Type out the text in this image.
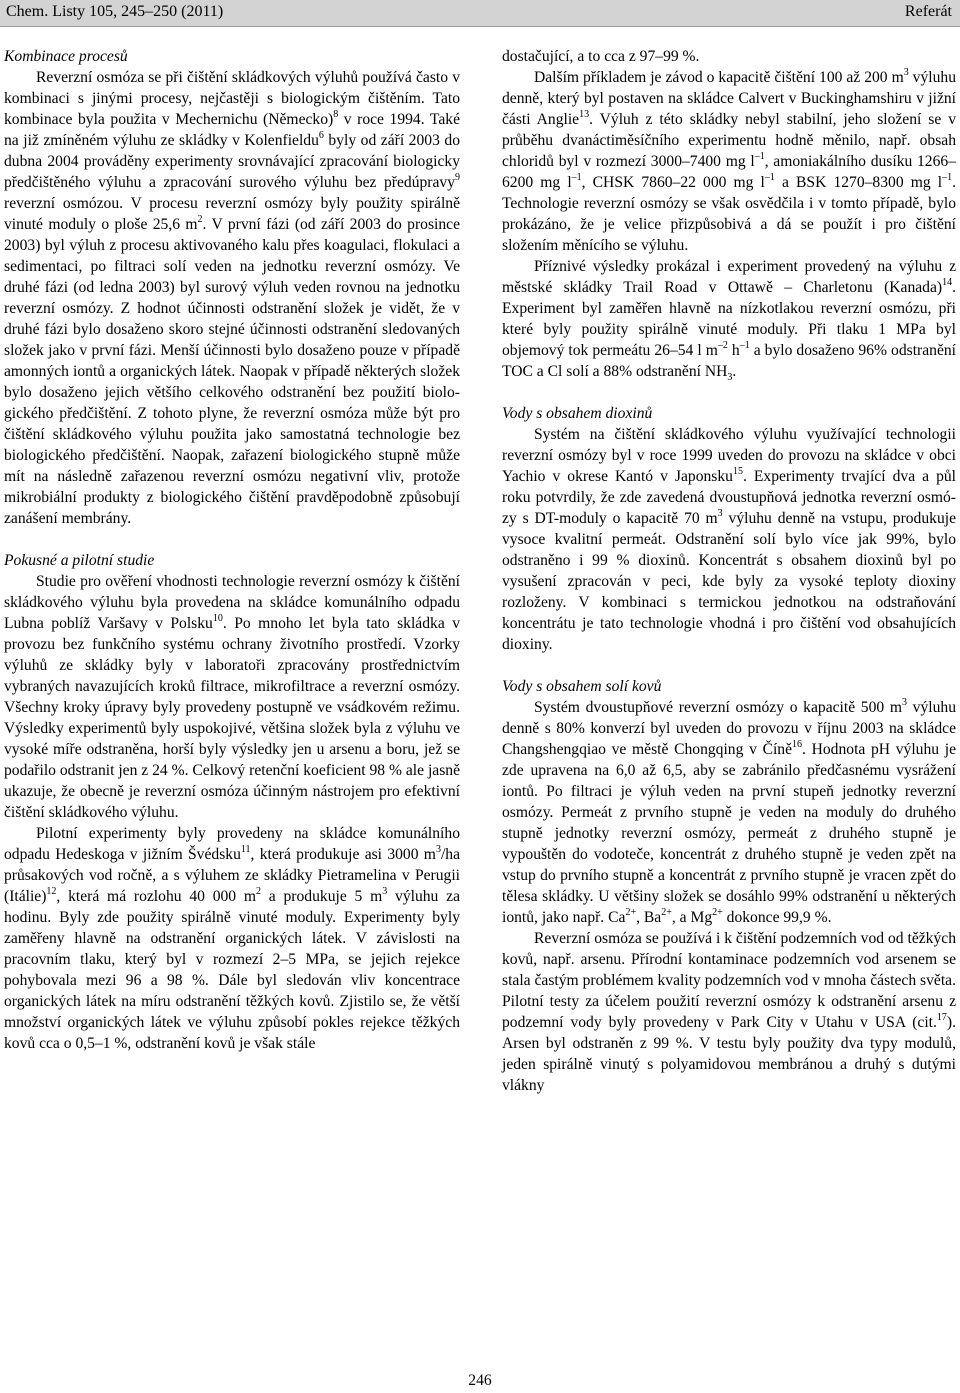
Chem. Listy 105, 245–250 (2011)	Referát

Kombinace procesů

Reverzní osmóza se při čištění skládkových výluhů používá často v kombinaci s jinými procesy, nejčastěji s biologickým čištěním. Tato kombinace byla použita v Mechernichu (Německo)$^8$ v roce 1994. Také na již zmíněném výluhu ze skládky v Kolenfieldu$^6$ byly od září 2003 do dubna 2004 prováděny experimenty srovnávající zpracování biologicky předčištěného výluhu a zpracování surového výluhu bez předúpravy$^9$ reverzní osmózou. V procesu reverzní osmózy byly použity spirálně vinuté moduly o ploše 25,6 $m^2$. V první fázi (od září 2003 do prosince 2003) byl výluh z procesu aktivovaného kalu přes koagulaci, flokulaci a sedimentaci, po filtraci solí veden na jednotku reverzní osmózy. Ve druhé fázi (od ledna 2003) byl surový výluh veden rovnou na jednotku reverzní osmózy. Z hodnot účinnosti odstranění složek je vidět, že v druhé fázi bylo dosaženo skoro stejné účinnosti odstranění sledovaných složek jako v první fázi. Menší účinnosti bylo dosaženo pouze v případě amonných iontů a organických látek. Naopak v případě některých složek bylo dosaženo jejich většího celkového odstranění bez použití biologického předčištění. Z tohoto plyne, že reverzní osmóza může být pro čištění skládkového výluhu použita jako samostatná technologie bez biologického předčištění. Naopak, zařazení biologického stupně může mít na následně zařazenou reverzní osmózu negativní vliv, protože mikrobiální produkty z biologického čištění pravděpodobně způsobují zanášení membrány.

Pokusné a pilotní studie

Studie pro ověření vhodnosti technologie reverzní osmózy k čištění skládkového výluhu byla provedena na skládce komunálního odpadu Lubna poblíž Varšavy v Polsku$^{10}$. Po mnoho let byla tato skládka v provozu bez funkčního systému ochrany životního prostředí. Vzorky výluhů ze skládky byly v laboratoři zpracovány prostřednictvím vybraných navazujících kroků filtrace, mikrofiltrace a reverzní osmózy. Všechny kroky úpravy byly provedeny postupně ve vsádkovém režimu. Výsledky experimentů byly uspokojivé, většina složek byla z výluhu ve vysoké míře odstraněna, horší byly výsledky jen u arsenu a boru, jež se podařilo odstranit jen z 24 %. Celkový retenční koeficient 98 % ale jasně ukazuje, že obecně je reverzní osmóza účinným nástrojem pro efektivní čištění skládkového výluhu.

Pilotní experimenty byly provedeny na skládce komunálního odpadu Hedeskoga v jižním Švédsku$^{11}$, která produkuje asi 3000 $m^3/ha$ průsakových vod ročně, a s výluhem ze skládky Pietramelina v Perugii (Itálie)$^{12}$, která má rozlohu 40 000 $m^2$ a produkuje 5 $m^3$ výluhu za hodinu. Byly zde použity spirálně vinuté moduly. Experimenty byly zaměřeny hlavně na odstranění organických látek. V závislosti na pracovním tlaku, který byl v rozmezí 2–5 MPa, se jejich rejekce pohybovala mezi 96 a 98 %. Dále byl sledován vliv koncentrace organických látek na míru odstranění těžkých kovů. Zjistilo se, že větší množství organických látek ve výluhu způsobí pokles rejekce těžkých kovů cca o 0,5–1 %, odstranění kovů je však stále

dostačující, a to cca z 97–99 %.

Dalším příkladem je závod o kapacitě čištění 100 až 200 $m^3$ výluhu denně, který byl postaven na skládce Calvert v Buckinghamshiru v jižní části Anglie$^{13}$. Výluh z této skládky nebyl stabilní, jeho složení se v průběhu dvanáctiměsíčního experimentu hodně měnilo, např. obsah chloridů byl v rozmezí 3000–7400 mg $l^{-1}$, amoniakálního dusíku 1266–6200 mg $l^{-1}$, CHSK 7860–22 000 mg $l^{-1}$ a BSK 1270–8300 mg $l^{-1}$. Technologie reverzní osmózy se však osvědčila i v tomto případě, bylo prokázáno, že je velice přizpůsobivá a dá se použít i pro čištění složením měnícího se výluhu.

Příznivé výsledky prokázal i experiment provedený na výluhu z městské skládky Trail Road v Ottawě – Charletonu (Kanada)$^{14}$. Experiment byl zaměřen hlavně na nízkotlakou reverzní osmózu, při které byly použity spirálně vinuté moduly. Při tlaku 1 MPa byl objemový tok permeátu 26–54 l $m^{-2}$ $h^{-1}$ a bylo dosaženo 96% odstranění TOC a Cl solí a 88% odstranění $NH_3$.

Vody s obsahem dioxinů

Systém na čištění skládkového výluhu využívající technologii reverzní osmózy byl v roce 1999 uveden do provozu na skládce v obci Yachio v okrese Kantó v Japonsku$^{15}$. Experimenty trvající dva a půl roku potvrdily, že zde zavedená dvoustupňová jednotka reverzní osmózy s DT-moduly o kapacitě 70 $m^3$ výluhu denně na vstupu, produkuje vysoce kvalitní permeát. Odstranění solí bylo více jak 99%, bylo odstraněno i 99 % dioxinů. Koncentrát s obsahem dioxinů byl po vysušení zpracován v peci, kde byly za vysoké teploty dioxiny rozloženy. V kombinaci s termickou jednotkou na odstraňování koncentrátu je tato technologie vhodná i pro čištění vod obsahujících dioxiny.

Vody s obsahem solí kovů

Systém dvoustupňové reverzní osmózy o kapacitě 500 $m^3$ výluhu denně s 80% konverzí byl uveden do provozu v říjnu 2003 na skládce Changshengqiao ve městě Chongqing v Číně$^{16}$. Hodnota pH výluhu je zde upravena na 6,0 až 6,5, aby se zabránilo předčasnému vysrážení iontů. Po filtraci je výluh veden na první stupeň jednotky reverzní osmózy. Permeát z prvního stupně je veden na moduly do druhého stupně jednotky reverzní osmózy, permeát z druhého stupně je vypouštěn do vodoteče, koncentrát z druhého stupně je veden zpět na vstup do prvního stupně a koncentrát z prvního stupně je vracen zpět do tělesa skládky. U většiny složek se dosáhlo 99% odstranění u některých iontů, jako např. $Ca^{2+}$, $Ba^{2+}$, a $Mg^{2+}$ dokonce 99,9 %.

Reverzní osmóza se používá i k čištění podzemních vod od těžkých kovů, např. arsenu. Přírodní kontaminace podzemních vod arsenem se stala častým problémem kvality podzemních vod v mnoha částech světa. Pilotní testy za účelem použití reverzní osmózy k odstranění arsenu z podzemní vody byly provedeny v Park City v Utahu v USA (cit.$^{17}$). Arsen byl odstraněn z 99 %. V testu byly použity dva typy modulů, jeden spirálně vinutý s polyamidovou membránou a druhý s dutými vlákny

246
